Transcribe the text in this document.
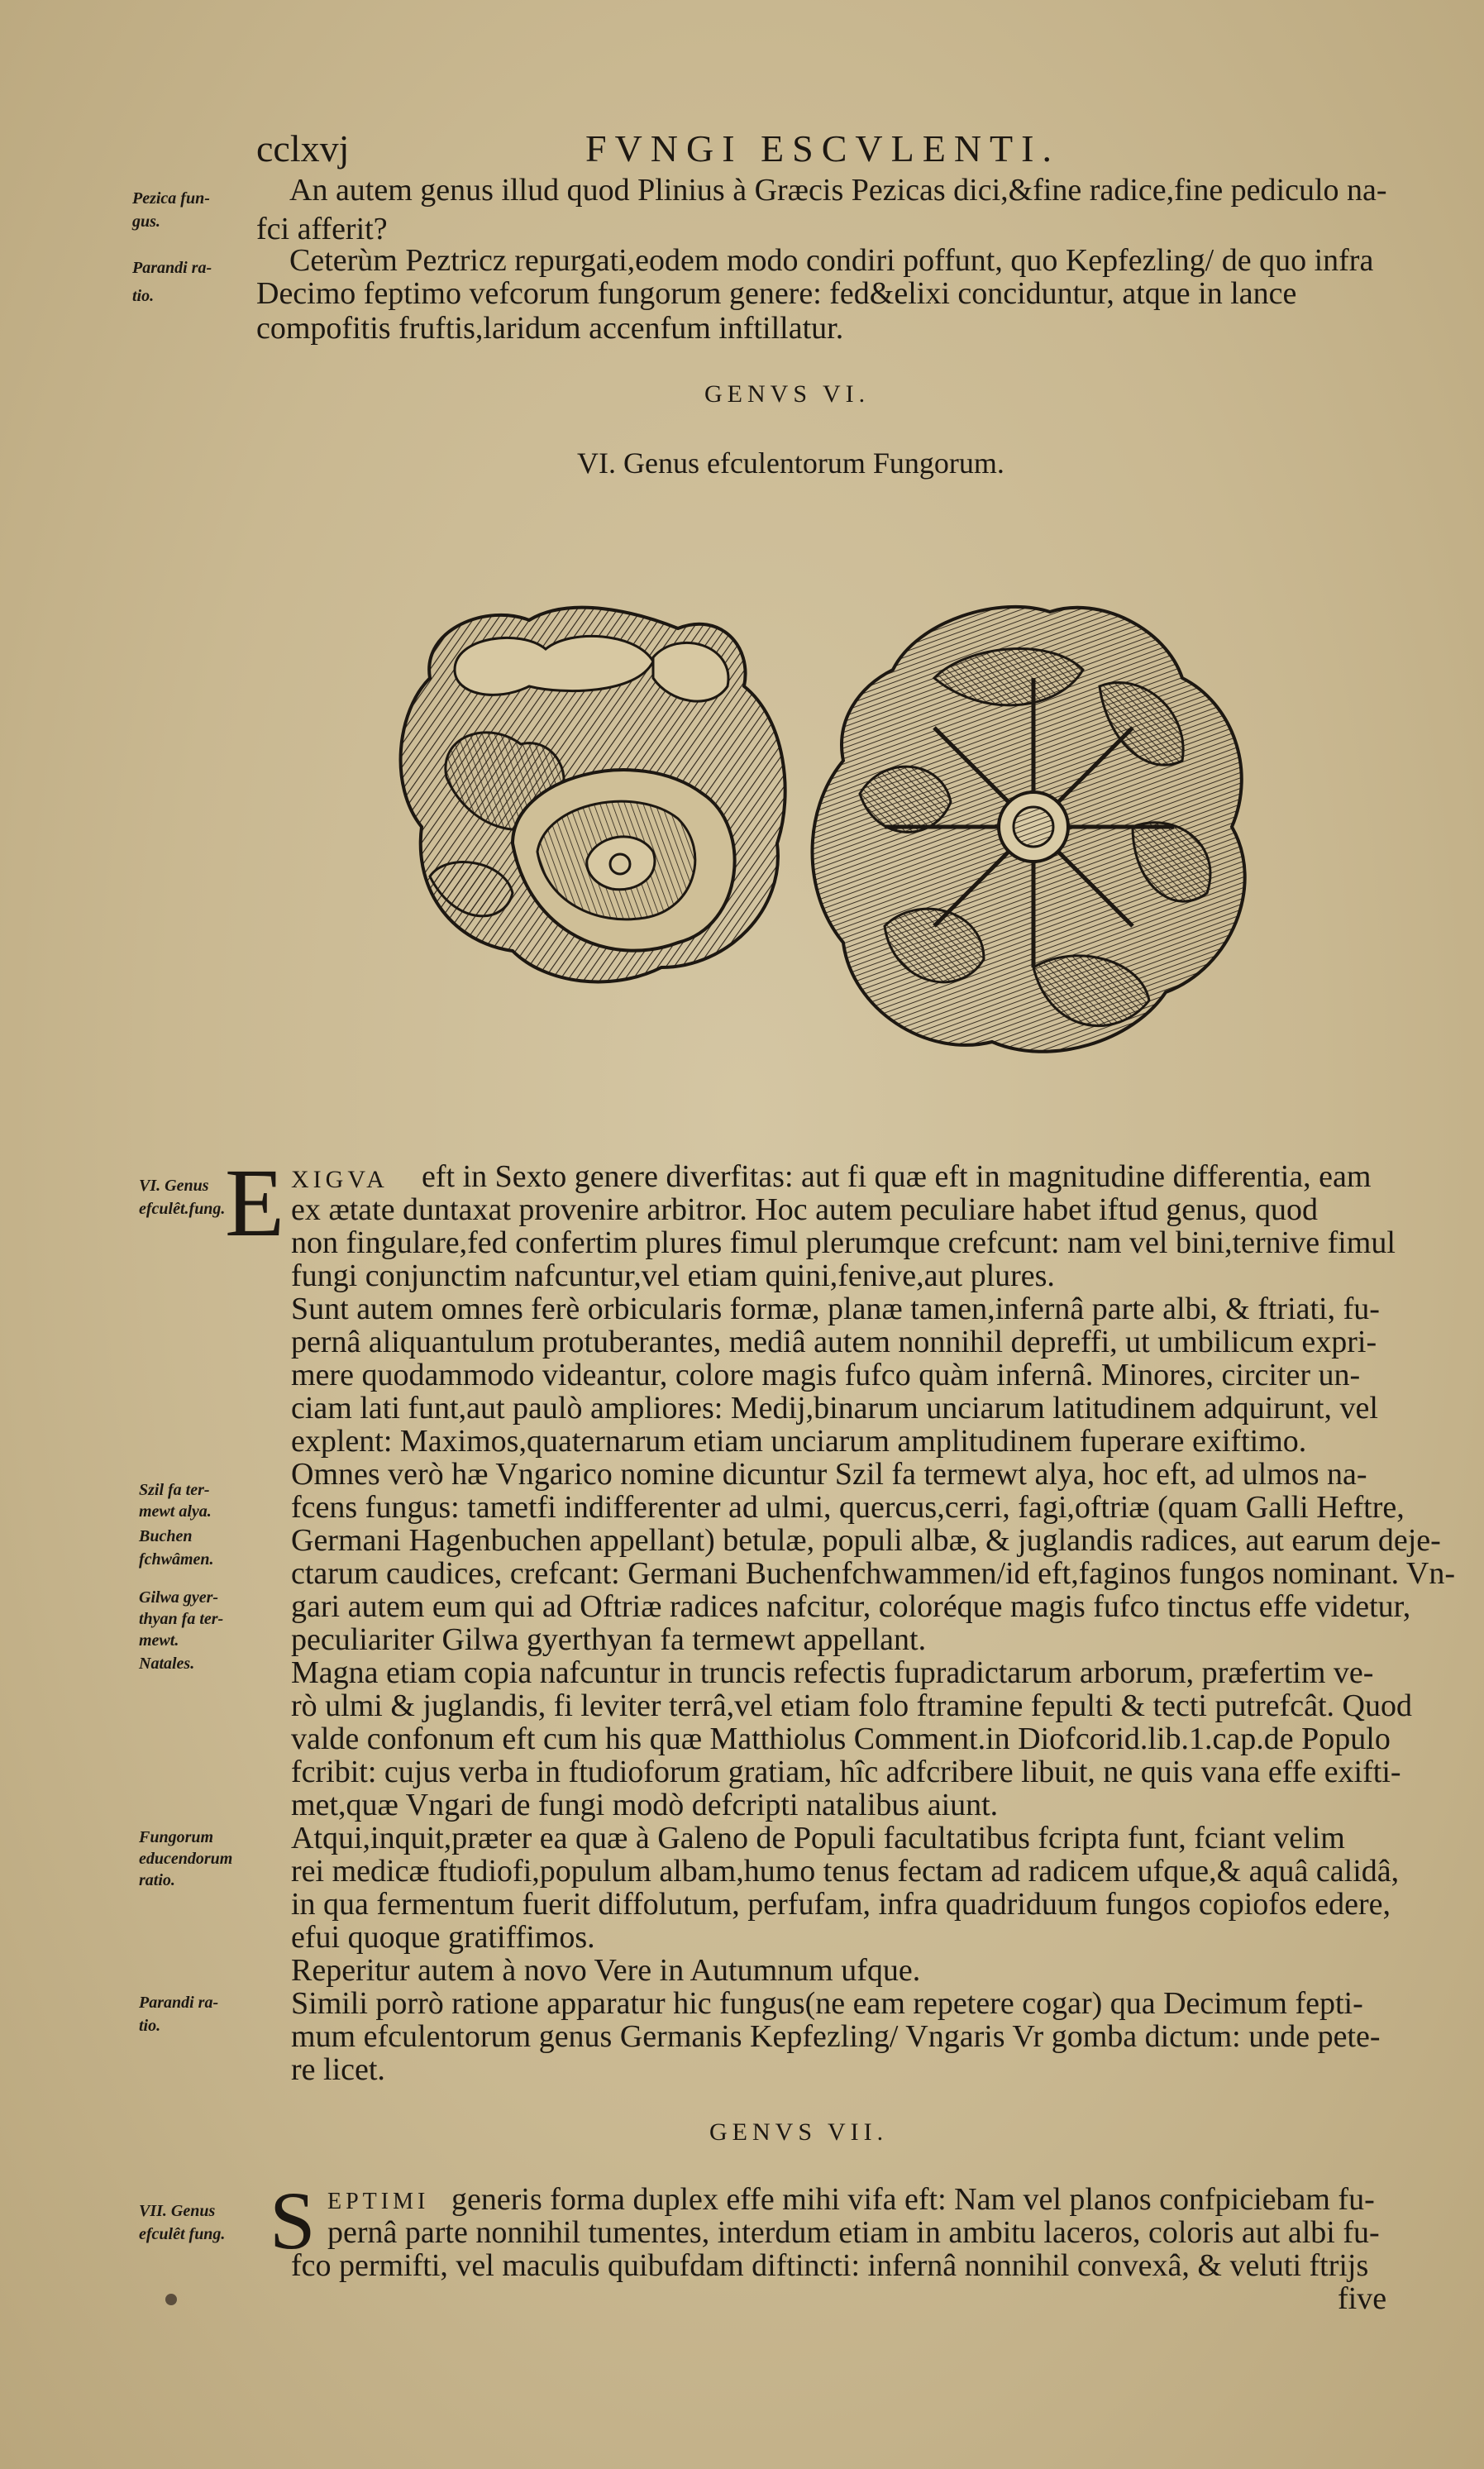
cclxvj	FVNGI ESCVLENTI.
Pezica fun-
gus.
Parandi ra-
tio.
An autem genus illud quod Plinius à Græcis Pezicas dici,&fine radice,fine pediculo na-
fci afferit?
Ceterùm Peztricz repurgati,eodem modo condiri poffunt, quo Kepfezling/ de quo infra
Decimo feptimo vefcorum fungorum genere: fed&elixi conciduntur, atque in lance
compofitis fruftis,laridum accenfum inftillatur.
GENVS VI.
VI. Genus efculentorum Fungorum.
E XIGVA eft in Sexto genere diverfitas: aut fi quæ eft in magnitudine differentia, eam
ex ætate duntaxat provenire arbitror. Hoc autem peculiare habet iftud genus, quod
non fingulare,fed confertim plures fimul plerumque crefcunt: nam vel bini,ternive fimul
fungi conjunctim nafcuntur,vel etiam quini,fenive,aut plures.
Sunt autem omnes ferè orbicularis formæ, planæ tamen,infernâ parte albi, & ftriati, fu-
pernâ aliquantulum protuberantes, mediâ autem nonnihil depreffi, ut umbilicum expri-
mere quodammodo videantur, colore magis fufco quàm infernâ. Minores, circiter un-
ciam lati funt,aut paulò ampliores: Medij,binarum unciarum latitudinem adquirunt, vel
explent: Maximos,quaternarum etiam unciarum amplitudinem fuperare exiftimo.
Omnes verò hæ Vngarico nomine dicuntur Szil fa termewt alya, hoc eft, ad ulmos na-
fcens fungus: tametfi indifferenter ad ulmi, quercus,cerri, fagi,oftriæ (quam Galli Heftre,
Germani Hagenbuchen appellant) betulæ, populi albæ, & juglandis radices, aut earum deje-
ctarum caudices, crefcant: Germani Buchenfchwammen/id eft,faginos fungos nominant. Vn-
gari autem eum qui ad Oftriæ radices nafcitur, coloréque magis fufco tinctus effe videtur,
peculiariter Gilwa gyerthyan fa termewt appellant.
Magna etiam copia nafcuntur in truncis refectis fupradictarum arborum, præfertim ve-
rò ulmi & juglandis, fi leviter terrâ,vel etiam folo ftramine fepulti & tecti putrefcât. Quod
valde confonum eft cum his quæ Matthiolus Comment.in Diofcorid.lib.1.cap.de Populo
fcribit: cujus verba in ftudioforum gratiam, hîc adfcribere libuit, ne quis vana effe exifti-
met,quæ Vngari de fungi modò defcripti natalibus aiunt.
Atqui,inquit,præter ea quæ à Galeno de Populi facultatibus fcripta funt, fciant velim
rei medicæ ftudiofi,populum albam,humo tenus fectam ad radicem ufque,& aquâ calidâ,
in qua fermentum fuerit diffolutum, perfufam, infra quadriduum fungos copiofos edere,
efui quoque gratiffimos.
Reperitur autem à novo Vere in Autumnum ufque.
Simili porrò ratione apparatur hic fungus(ne eam repetere cogar) qua Decimum fepti-
mum efculentorum genus Germanis Kepfezling/ Vngaris Vr gomba dictum: unde pete-
re licet.
VI. Genus
efculêt.fung.
Szil fa ter-
mewt alya.
Buchen
fchwâmen.
Gilwa gyer-
thyan fa ter-
mewt.
Natales.
Fungorum
educendorum
ratio.
Parandi ra-
tio.
GENVS VII.
S EPTIMI generis forma duplex effe mihi vifa eft: Nam vel planos confpiciebam fu-
pernâ parte nonnihil tumentes, interdum etiam in ambitu laceros, coloris aut albi fu-
fco permifti, vel maculis quibufdam diftincti: infernâ nonnihil convexâ, & veluti ftrijs
five
VII. Genus
efculêt fung.
